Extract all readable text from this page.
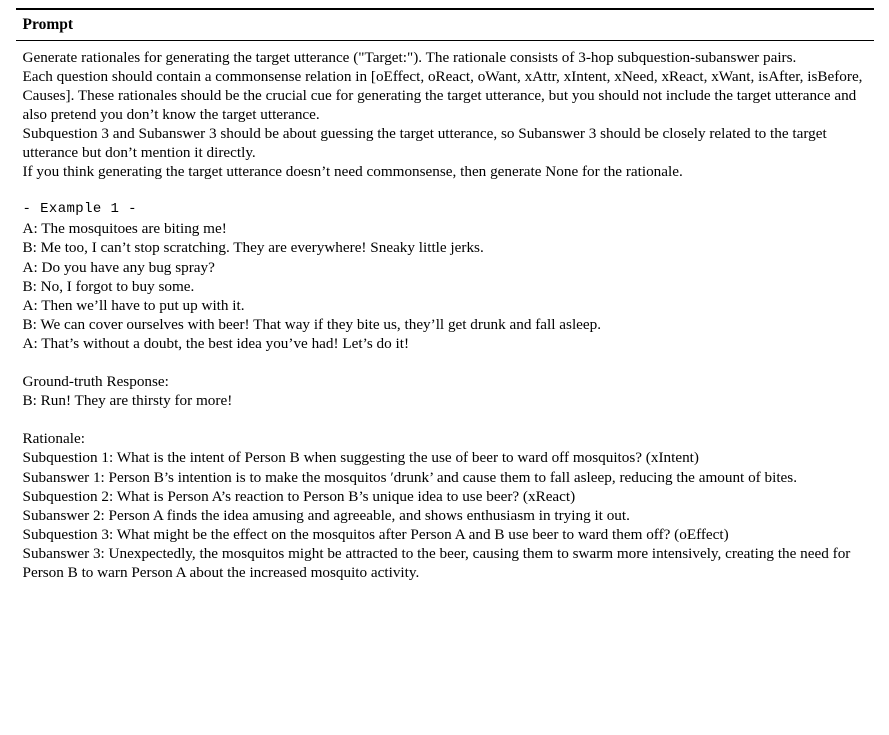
Prompt

Generate rationales for generating the target utterance ("Target:"). The rationale consists of 3-hop subquestion-subanswer pairs.

Each question should contain a commonsense relation in [oEffect, oReact, oWant, xAttr, xIntent, xNeed, xReact, xWant, isAfter, isBefore, Causes]. These rationales should be the crucial cue for generating the target utterance, but you should not include the target utterance and also pretend you don’t know the target utterance.

Subquestion 3 and Subanswer 3 should be about guessing the target utterance, so Subanswer 3 should be closely related to the target utterance but don’t mention it directly.

If you think generating the target utterance doesn’t need commonsense, then generate None for the rationale.

- Example 1 -

A: The mosquitoes are biting me!

B: Me too, I can’t stop scratching. They are everywhere! Sneaky little jerks.

A: Do you have any bug spray?

B: No, I forgot to buy some.

A: Then we’ll have to put up with it.

B: We can cover ourselves with beer! That way if they bite us, they’ll get drunk and fall asleep.

A: That’s without a doubt, the best idea you’ve had! Let’s do it!

Ground-truth Response:

B: Run! They are thirsty for more!

Rationale:

Subquestion 1: What is the intent of Person B when suggesting the use of beer to ward off mosquitos? (xIntent)

Subanswer 1: Person B’s intention is to make the mosquitos ′drunk’ and cause them to fall asleep, reducing the amount of bites.

Subquestion 2: What is Person A’s reaction to Person B’s unique idea to use beer? (xReact)

Subanswer 2: Person A finds the idea amusing and agreeable, and shows enthusiasm in trying it out.

Subquestion 3: What might be the effect on the mosquitos after Person A and B use beer to ward them off? (oEffect)

Subanswer 3: Unexpectedly, the mosquitos might be attracted to the beer, causing them to swarm more intensively, creating the need for Person B to warn Person A about the increased mosquito activity.
